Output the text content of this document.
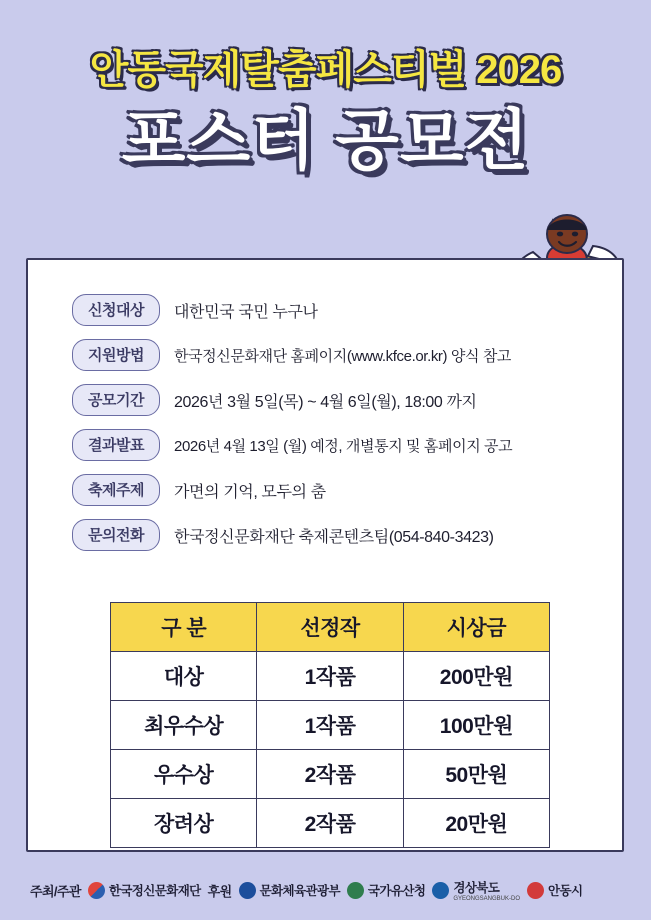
안동국제탈춤페스티벌 2026
포스터 공모전
신청대상	대한민국 국민 누구나
지원방법	한국정신문화재단 홈페이지(www.kfce.or.kr) 양식 참고
공모기간	2026년 3월 5일(목) ~ 4월 6일(월), 18:00 까지
결과발표	2026년 4월 13일 (월) 예정, 개별통지 및 홈페이지 공고
축제주제	가면의 기억, 모두의 춤
문의전화	한국정신문화재단 축제콘텐츠팀(054-840-3423)
구 분	선정작	시상금
대상	1작품	200만원
최우수상	1작품	100만원
우수상	2작품	50만원
장려상	2작품	20만원
주최/주관 한국정신문화재단 후원 문화체육관광부 국가유산청 경상북도
GYEONGSANGBUK-DO
안동시
